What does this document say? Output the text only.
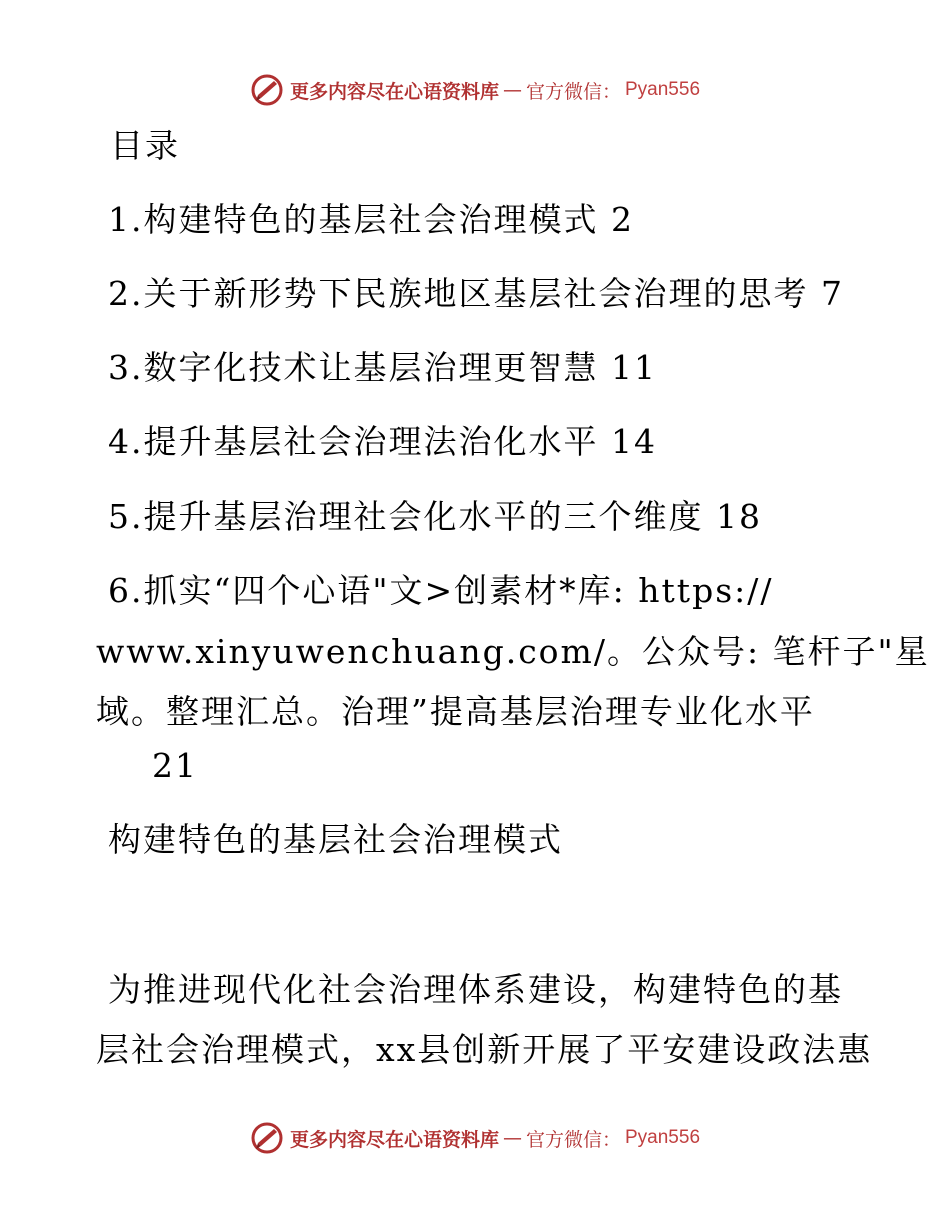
更多内容尽在心语资料库 — 官方微信： Pyan556
目录
1.构建特色的基层社会治理模式 2
2.关于新形势下民族地区基层社会治理的思考 7
3.数字化技术让基层治理更智慧 11
4.提升基层社会治理法治化水平 14
5.提升基层治理社会化水平的三个维度 18
6.抓实“四个心语"文>创素材*库: https://
www.xinyuwenchuang.com/。公众号: 笔杆子"星
域。整理汇总。治理”提高基层治理专业化水平
21
构建特色的基层社会治理模式
为推进现代化社会治理体系建设，构建特色的基
层社会治理模式，xx县创新开展了平安建设政法惠
更多内容尽在心语资料库 — 官方微信： Pyan556
